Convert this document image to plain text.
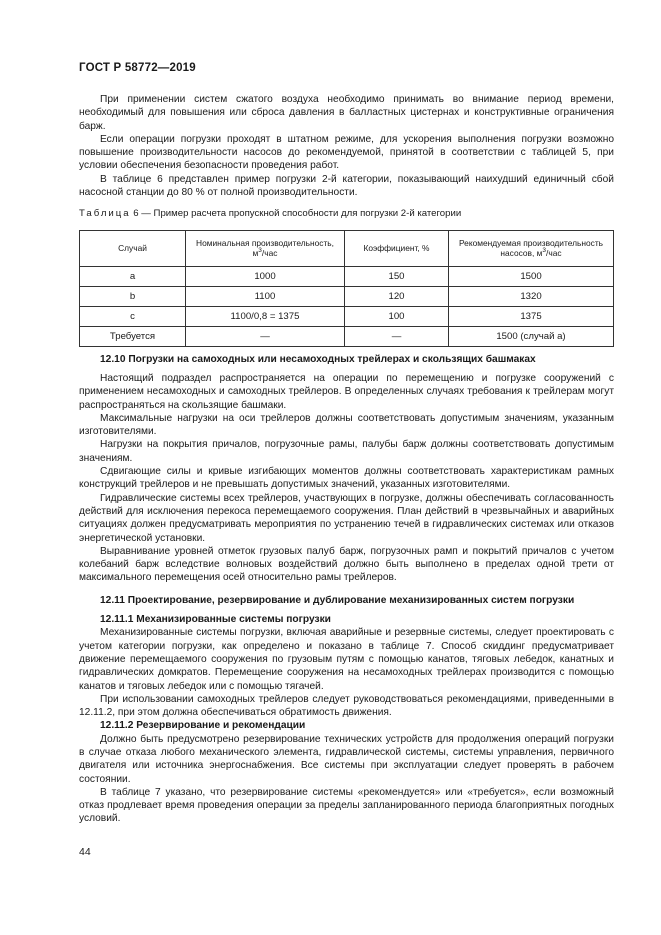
ГОСТ Р 58772—2019

При применении систем сжатого воздуха необходимо принимать во внимание период времени, необходимый для повышения или сброса давления в балластных цистернах и конструктивные ограничения барж.

Если операции погрузки проходят в штатном режиме, для ускорения выполнения погрузки возможно повышение производительности насосов до рекомендуемой, принятой в соответствии с таблицей 5, при условии обеспечения безопасности проведения работ.

В таблице 6 представлен пример погрузки 2-й категории, показывающий наихудший единичный сбой насосной станции до 80 % от полной производительности.

Таблица 6 — Пример расчета пропускной способности для погрузки 2-й категории
Случай	Номинальная производительность, $м^3$/час	Коэффициент, %	Рекомендуемая производительность насосов, $м^3$/час
а	1000	150	1500
b	1100	120	1320
с	1100/0,8 = 1375	100	1375
Требуется	—	—	1500 (случай а)

12.10 Погрузки на самоходных или несамоходных трейлерах и скользящих башмаках

Настоящий подраздел распространяется на операции по перемещению и погрузке сооружений с применением несамоходных и самоходных трейлеров. В определенных случаях требования к трейлерам могут распространяться на скользящие башмаки.

Максимальные нагрузки на оси трейлеров должны соответствовать допустимым значениям, указанным изготовителями.

Нагрузки на покрытия причалов, погрузочные рамы, палубы барж должны соответствовать допустимым значениям.

Сдвигающие силы и кривые изгибающих моментов должны соответствовать характеристикам рамных конструкций трейлеров и не превышать допустимых значений, указанных изготовителями.

Гидравлические системы всех трейлеров, участвующих в погрузке, должны обеспечивать согласованность действий для исключения перекоса перемещаемого сооружения. План действий в чрезвычайных и аварийных ситуациях должен предусматривать мероприятия по устранению течей в гидравлических системах или отказов энергетической установки.

Выравнивание уровней отметок грузовых палуб барж, погрузочных рамп и покрытий причалов с учетом колебаний барж вследствие волновых воздействий должно быть выполнено в пределах одной трети от максимального перемещения осей относительно рамы трейлеров.

12.11 Проектирование, резервирование и дублирование механизированных систем погрузки

12.11.1 Механизированные системы погрузки

Механизированные системы погрузки, включая аварийные и резервные системы, следует проектировать с учетом категории погрузки, как определено и показано в таблице 7. Способ скиддинг предусматривает движение перемещаемого сооружения по грузовым путям с помощью канатов, тяговых лебедок, канатных и гидравлических домкратов. Перемещение сооружения на несамоходных трейлерах производится с помощью канатов и тяговых лебедок или с помощью тягачей.

При использовании самоходных трейлеров следует руководствоваться рекомендациями, приведенными в 12.11.2, при этом должна обеспечиваться обратимость движения.

12.11.2 Резервирование и рекомендации

Должно быть предусмотрено резервирование технических устройств для продолжения операций погрузки в случае отказа любого механического элемента, гидравлической системы, системы управления, первичного двигателя или источника энергоснабжения. Все системы при эксплуатации следует проверять в рабочем состоянии.

В таблице 7 указано, что резервирование системы «рекомендуется» или «требуется», если возможный отказ продлевает время проведения операции за пределы запланированного периода благоприятных погодных условий.

44
